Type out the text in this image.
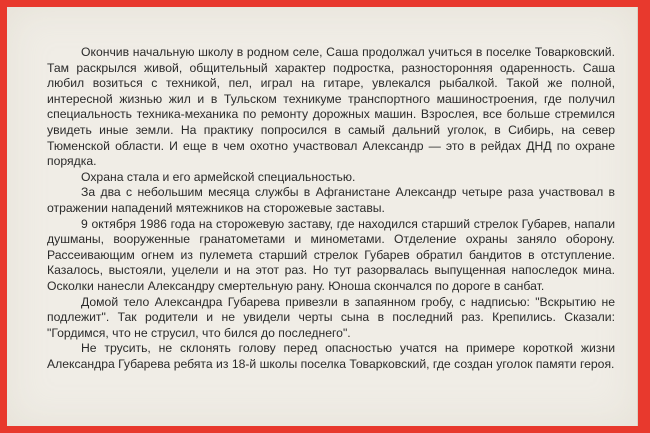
Окончив начальную школу в родном селе, Саша продолжал учиться в поселке Товарковский. Там раскрылся живой, общительный характер подростка, разносторонняя одаренность. Саша любил возиться с техникой, пел, играл на гитаре, увлекался рыбалкой. Такой же полной, интересной жизнью жил и в Тульском техникуме транспортного машиностроения, где получил специальность техника-механика по ремонту дорожных машин. Взрослея, все больше стремился увидеть иные земли. На практику попросился в самый дальний уголок, в Сибирь, на север Тюменской области. И еще в чем охотно участвовал Александр — это в рейдах ДНД по охране порядка.

Охрана стала и его армейской специальностью.

За два с небольшим месяца службы в Афганистане Александр четыре раза участвовал в отражении нападений мятежников на сторожевые заставы.

9 октября 1986 года на сторожевую заставу, где находился старший стрелок Губарев, напали душманы, вооруженные гранатометами и минометами. Отделение охраны заняло оборону. Рассеивающим огнем из пулемета старший стрелок Губарев обратил бандитов в отступление. Казалось, выстояли, уцелели и на этот раз. Но тут разорвалась выпущенная напоследок мина. Осколки нанесли Александру смертельную рану. Юноша скончался по дороге в санбат.

Домой тело Александра Губарева привезли в запаянном гробу, с надписью: "Вскрытию не подлежит". Так родители и не увидели черты сына в последний раз. Крепились. Сказали: "Гордимся, что не струсил, что бился до последнего".

Не трусить, не склонять голову перед опасностью учатся на примере короткой жизни Александра Губарева ребята из 18-й школы поселка Товарковский, где создан уголок памяти героя.
